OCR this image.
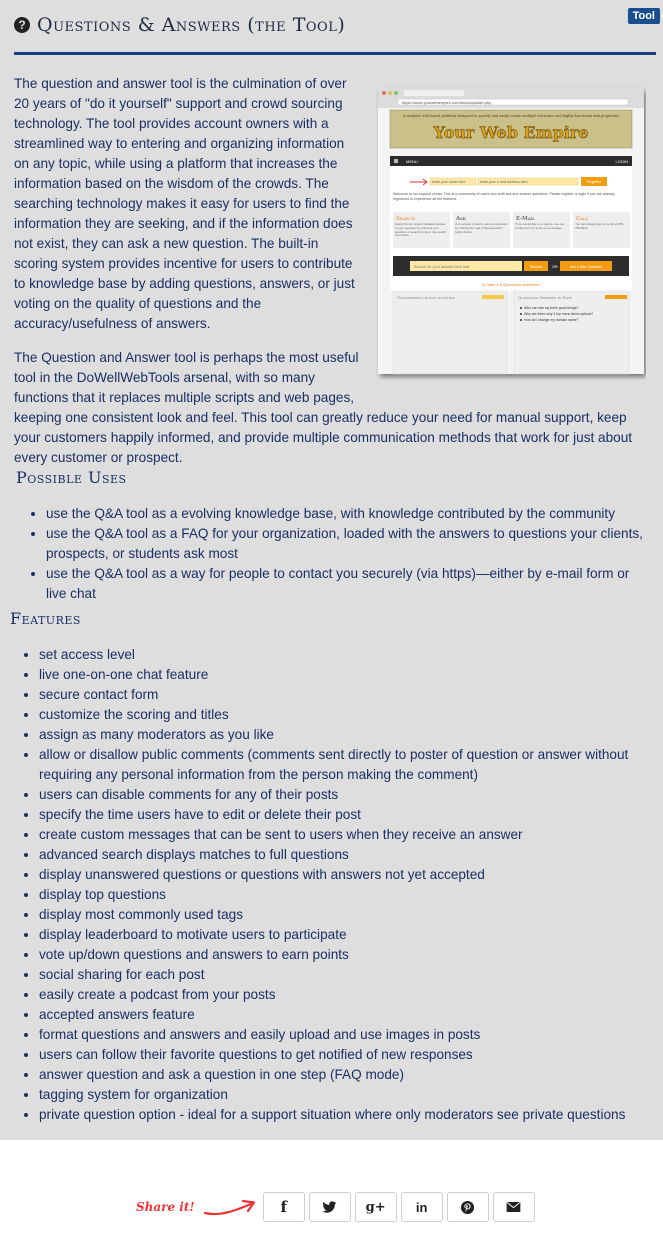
Tool
? Questions & Answers (the Tool)
https://www.yourwebempire.com/tools/qa/start.php
A modular web-based platform designed to quickly and easily create multiple attractive and highly-functional web properties
Your Web Empire
MENU	LOGIN
enter your name here	enter your e-mail address here	Register
Welcome to our support center. This is a community of users who both ask and answer questions. Please register or login if you are already registered to experience all the features.
Search
Search for an instant, detailed answer to your question by entering your question or search terms in the search box below.
Ask
If no answer is found, ask your question by clicking the "ask a New question" button below.
E-Mail
If you would like to e-mail us, use our contact form to send us a message.
Call
You can always give us a call at 978-769-5924
Search for your answer here first	Search	OR	Ask a New Question
A Total of 5 Questions Answered
Unanswered or not accepted	Questions Ordered by Date
Who can see my three good things?
Why are there only 3 top menu items options?
How do I change my domain name?

The question and answer tool is the culmination of over 20 years of "do it yourself" support and crowd sourcing technology. The tool provides account owners with a streamlined way to entering and organizing information on any topic, while using a platform that increases the information based on the wisdom of the crowds. The searching technology makes it easy for users to find the information they are seeking, and if the information does not exist, they can ask a new question. The built-in scoring system provides incentive for users to contribute to knowledge base by adding questions, answers, or just voting on the quality of questions and the accuracy/usefulness of answers.

The Question and Answer tool is perhaps the most useful tool in the DoWellWebTools arsenal, with so many functions that it replaces multiple scripts and web pages, keeping one consistent look and feel. This tool can greatly reduce your need for manual support, keep your customers happily informed, and provide multiple communication methods that work for just about every customer or prospect.

Possible Uses
• use the Q&A tool as a evolving knowledge base, with knowledge contributed by the community
• use the Q&A tool as a FAQ for your organization, loaded with the answers to questions your clients, prospects, or students ask most
• use the Q&A tool as a way for people to contact you securely (via https)—either by e-mail form or live chat
Features
• set access level
• live one-on-one chat feature
• secure contact form
• customize the scoring and titles
• assign as many moderators as you like
• allow or disallow public comments (comments sent directly to poster of question or answer without requiring any personal information from the person making the comment)
• users can disable comments for any of their posts
• specify the time users have to edit or delete their post
• create custom messages that can be sent to users when they receive an answer
• advanced search displays matches to full questions
• display unanswered questions or questions with answers not yet accepted
• display top questions
• display most commonly used tags
• display leaderboard to motivate users to participate
• vote up/down questions and answers to earn points
• social sharing for each post
• easily create a podcast from your posts
• accepted answers feature
• format questions and answers and easily upload and use images in posts
• users can follow their favorite questions to get notified of new responses
• answer question and ask a question in one step (FAQ mode)
• tagging system for organization
• private question option - ideal for a support situation where only moderators see private questions
Share it!	f	g+ in
